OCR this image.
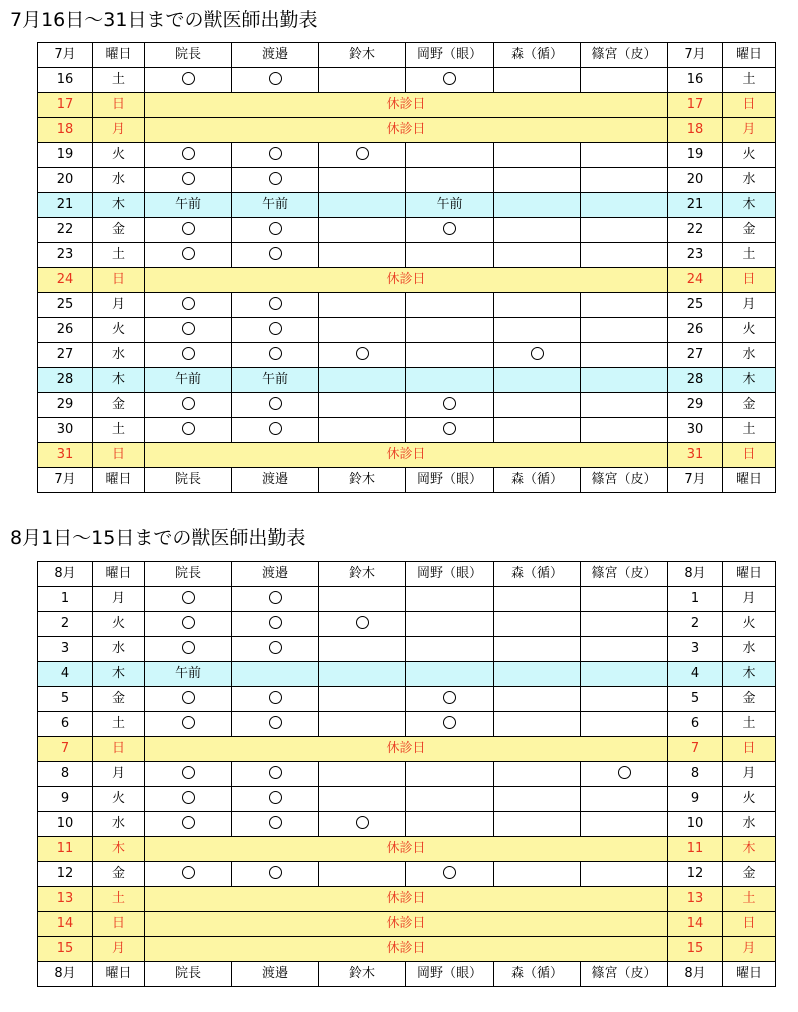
7月16日〜31日までの獣医師出勤表
7月	曜日	院長	渡邉	鈴木	岡野（眼）	森（循）	篠宮（皮）	7月	曜日
16	土							16	土
17	日	休診日						17	日
18	月	休診日						18	月
19	火							19	火
20	水							20	水
21	木	午前	午前		午前			21	木
22	金							22	金
23	土							23	土
24	日	休診日						24	日
25	月							25	月
26	火							26	火
27	水							27	水
28	木	午前	午前					28	木
29	金							29	金
30	土							30	土
31	日	休診日						31	日
7月	曜日	院長	渡邉	鈴木	岡野（眼）	森（循）	篠宮（皮）	7月	曜日
8月1日〜15日までの獣医師出勤表
8月	曜日	院長	渡邉	鈴木	岡野（眼）	森（循）	篠宮（皮）	8月	曜日
1	月							1	月
2	火							2	火
3	水							3	水
4	木	午前						4	木
5	金							5	金
6	土							6	土
7	日	休診日						7	日
8	月							8	月
9	火							9	火
10	水							10	水
11	木	休診日						11	木
12	金							12	金
13	土	休診日						13	土
14	日	休診日						14	日
15	月	休診日						15	月
8月	曜日	院長	渡邉	鈴木	岡野（眼）	森（循）	篠宮（皮）	8月	曜日
